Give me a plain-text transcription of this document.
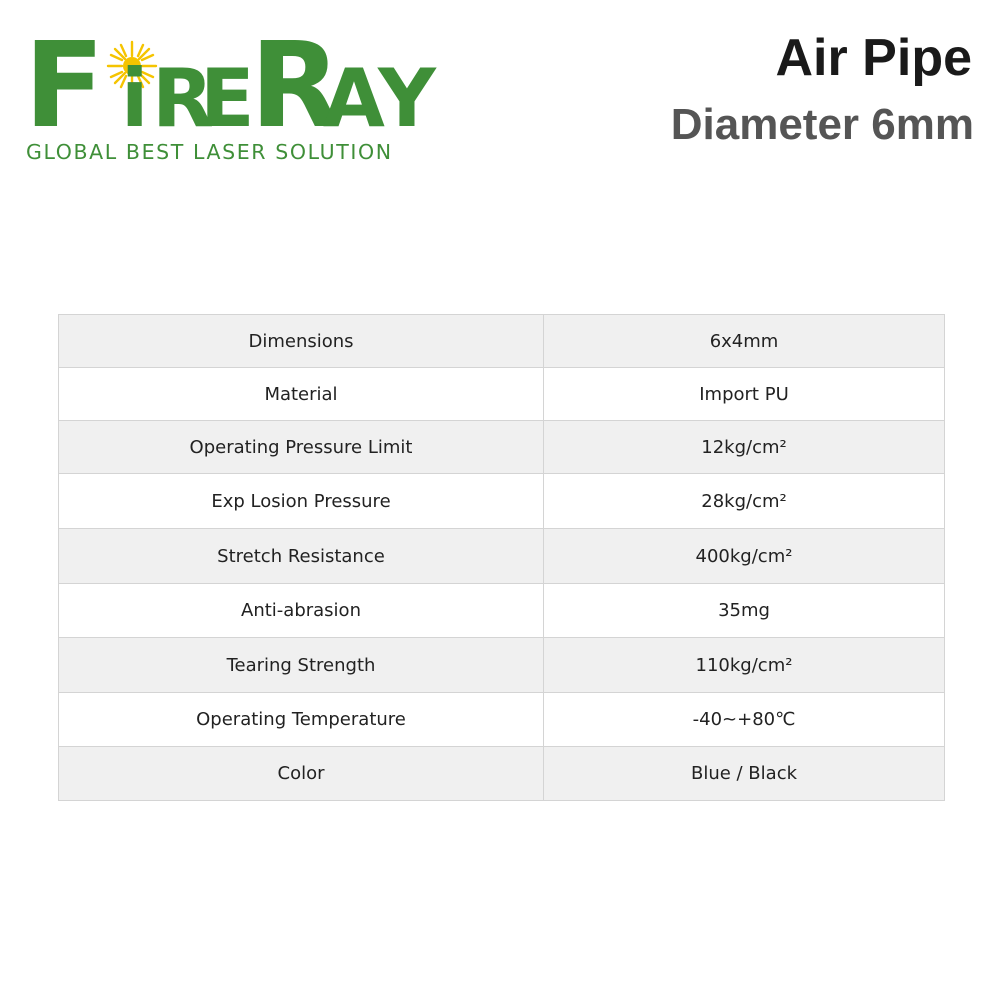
F i R
E
R
A
Y
GLOBAL BEST LASER SOLUTION
Air Pipe
Diameter 6mm
Dimensions	6x4mm
Material	Import PU
Operating Pressure Limit	12kg/cm²
Exp Losion Pressure	28kg/cm²
Stretch Resistance	400kg/cm²
Anti-abrasion	35mg
Tearing Strength	110kg/cm²
Operating Temperature	-40~+80℃
Color	Blue / Black
